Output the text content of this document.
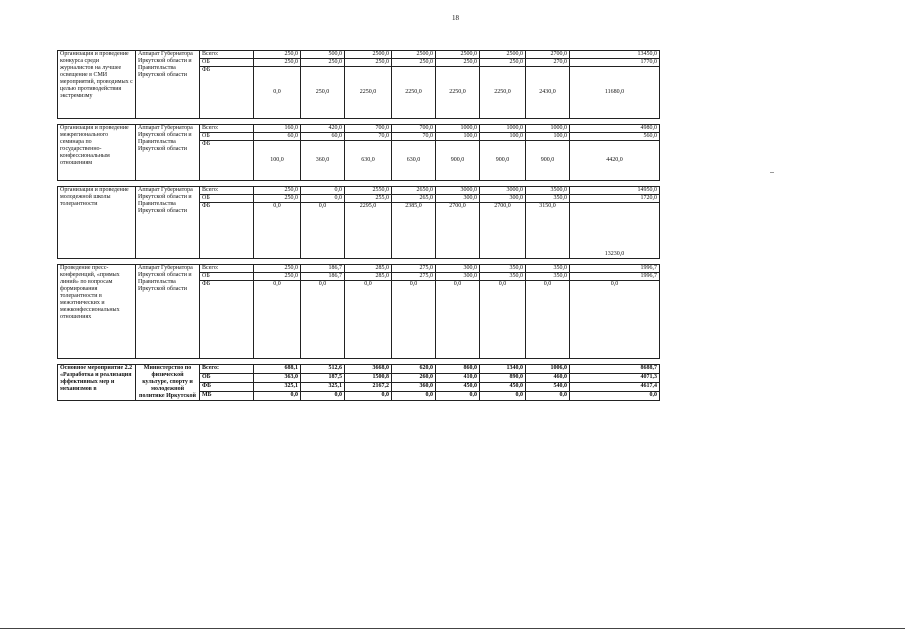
18
Организация и проведение конкурса среди журналистов на лучшее освещение в СМИ мероприятий, проводимых с целью противодействия экстремизму	Аппарат Губернатора Иркутской области и Правительства Иркутской области	Всего:	250,0	500,0	2500,0	2500,0	2500,0	2500,0	2700,0	13450,0
		ОБ	250,0	250,0	250,0	250,0	250,0	250,0	270,0	1770,0
		ФБ	0,0	250,0	2250,0	2250,0	2250,0	2250,0	2430,0	11680,0

Организация и проведение межрегионального семинара по государственно-конфессиональным отношениям	Аппарат Губернатора Иркутской области и Правительства Иркутской области	Всего:	160,0	420,0	700,0	700,0	1000,0	1000,0	1000,0	4980,0
		ОБ	60,0	60,0	70,0	70,0	100,0	100,0	100,0	560,0
		ФБ	100,0	360,0	630,0	630,0	900,0	900,0	900,0	4420,0

Организация и проведение молодежной школы толерантности	Аппарат Губернатора Иркутской области и Правительства Иркутской области	Всего:	250,0	0,0	2550,0	2650,0	3000,0	3000,0	3500,0	14950,0
		ОБ	250,0	0,0	255,0	265,0	300,0	300,0	350,0	1720,0
		ФБ	0,0	0,0	2295,0	2385,0	2700,0	2700,0	3150,0	13230,0

Проведение пресс-конференций, «прямых линий» по вопросам формирования толерантности в межэтнических и межконфессиональных отношениях	Аппарат Губернатора Иркутской области и Правительства Иркутской области	Всего:	250,0	186,7	285,0	275,0	300,0	350,0	350,0	1996,7
		ОБ	250,0	186,7	285,0	275,0	300,0	350,0	350,0	1996,7
		ФБ	0,0	0,0	0,0	0,0	0,0	0,0	0,0	0,0

Основное мероприятие 2.2 «Разработка и реализация эффективных мер и механизмов в	Министерство по физической культуре, спорту и молодежной политике Иркутской	Всего:	688,1	512,6	3668,0	620,0	860,0	1340,0	1006,0	8688,7
		ОБ	363,0	187,5	1500,8	260,0	410,0	890,0	460,0	4071,3
		ФБ	325,1	325,1	2167,2	360,0	450,0	450,0	540,0	4617,4
		МБ	0,0	0,0	0,0	0,0	0,0	0,0	0,0	0,0
